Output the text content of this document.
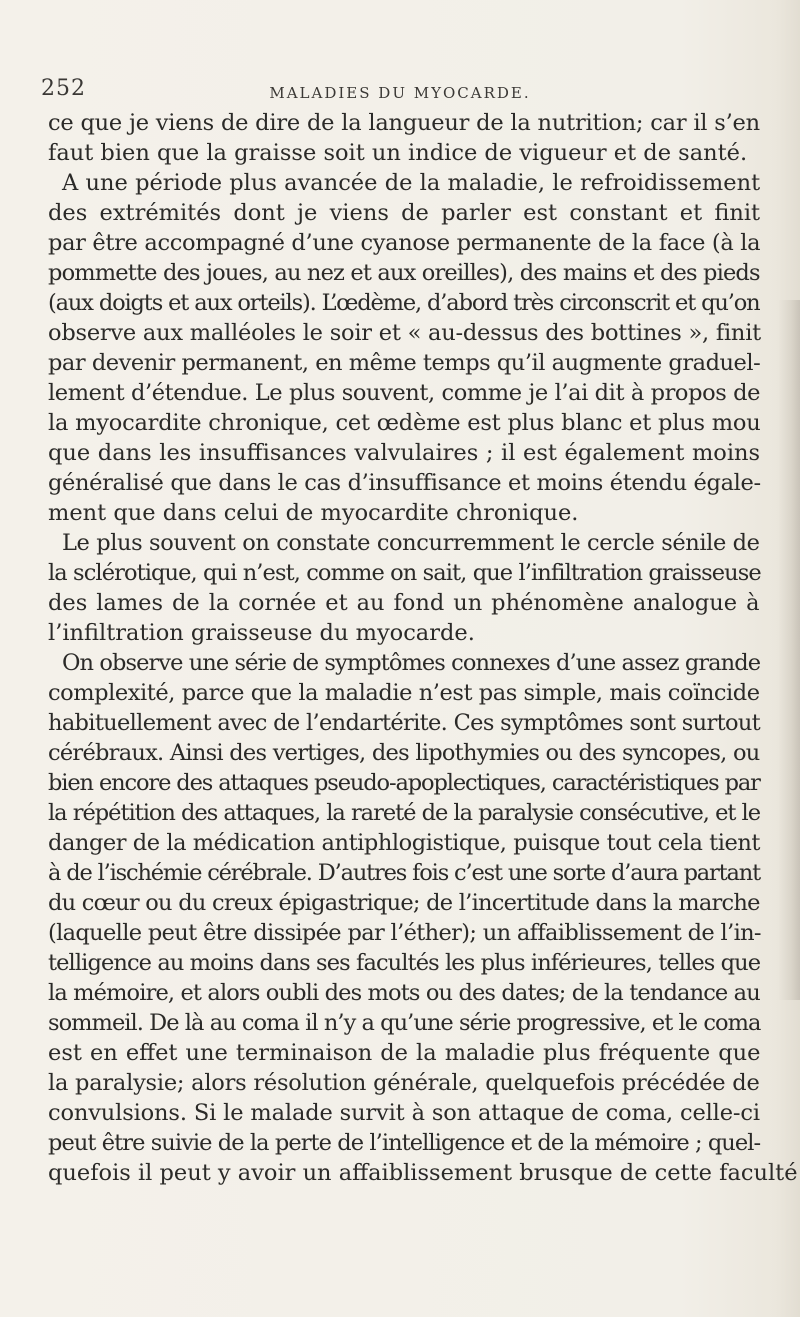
252	MALADIES DU MYOCARDE.
ce que je viens de dire de la langueur de la nutrition; car il s’en
faut bien que la graisse soit un indice de vigueur et de santé.
A une période plus avancée de la maladie, le refroidissement
des extrémités dont je viens de parler est constant et finit
par être accompagné d’une cyanose permanente de la face (à la
pommette des joues, au nez et aux oreilles), des mains et des pieds
(aux doigts et aux orteils). L’œdème, d’abord très circonscrit et qu’on
observe aux malléoles le soir et « au-dessus des bottines », finit
par devenir permanent, en même temps qu’il augmente graduel-
lement d’étendue. Le plus souvent, comme je l’ai dit à propos de
la myocardite chronique, cet œdème est plus blanc et plus mou
que dans les insuffisances valvulaires ; il est également moins
généralisé que dans le cas d’insuffisance et moins étendu égale-
ment que dans celui de myocardite chronique.
Le plus souvent on constate concurremment le cercle sénile de
la sclérotique, qui n’est, comme on sait, que l’infiltration graisseuse
des lames de la cornée et au fond un phénomène analogue à
l’infiltration graisseuse du myocarde.
On observe une série de symptômes connexes d’une assez grande
complexité, parce que la maladie n’est pas simple, mais coïncide
habituellement avec de l’endartérite. Ces symptômes sont surtout
cérébraux. Ainsi des vertiges, des lipothymies ou des syncopes, ou
bien encore des attaques pseudo-apoplectiques, caractéristiques par
la répétition des attaques, la rareté de la paralysie consécutive, et le
danger de la médication antiphlogistique, puisque tout cela tient
à de l’ischémie cérébrale. D’autres fois c’est une sorte d’aura partant
du cœur ou du creux épigastrique; de l’incertitude dans la marche
(laquelle peut être dissipée par l’éther); un affaiblissement de l’in-
telligence au moins dans ses facultés les plus inférieures, telles que
la mémoire, et alors oubli des mots ou des dates; de la tendance au
sommeil. De là au coma il n’y a qu’une série progressive, et le coma
est en effet une terminaison de la maladie plus fréquente que
la paralysie; alors résolution générale, quelquefois précédée de
convulsions. Si le malade survit à son attaque de coma, celle-ci
peut être suivie de la perte de l’intelligence et de la mémoire ; quel-
quefois il peut y avoir un affaiblissement brusque de cette faculté
